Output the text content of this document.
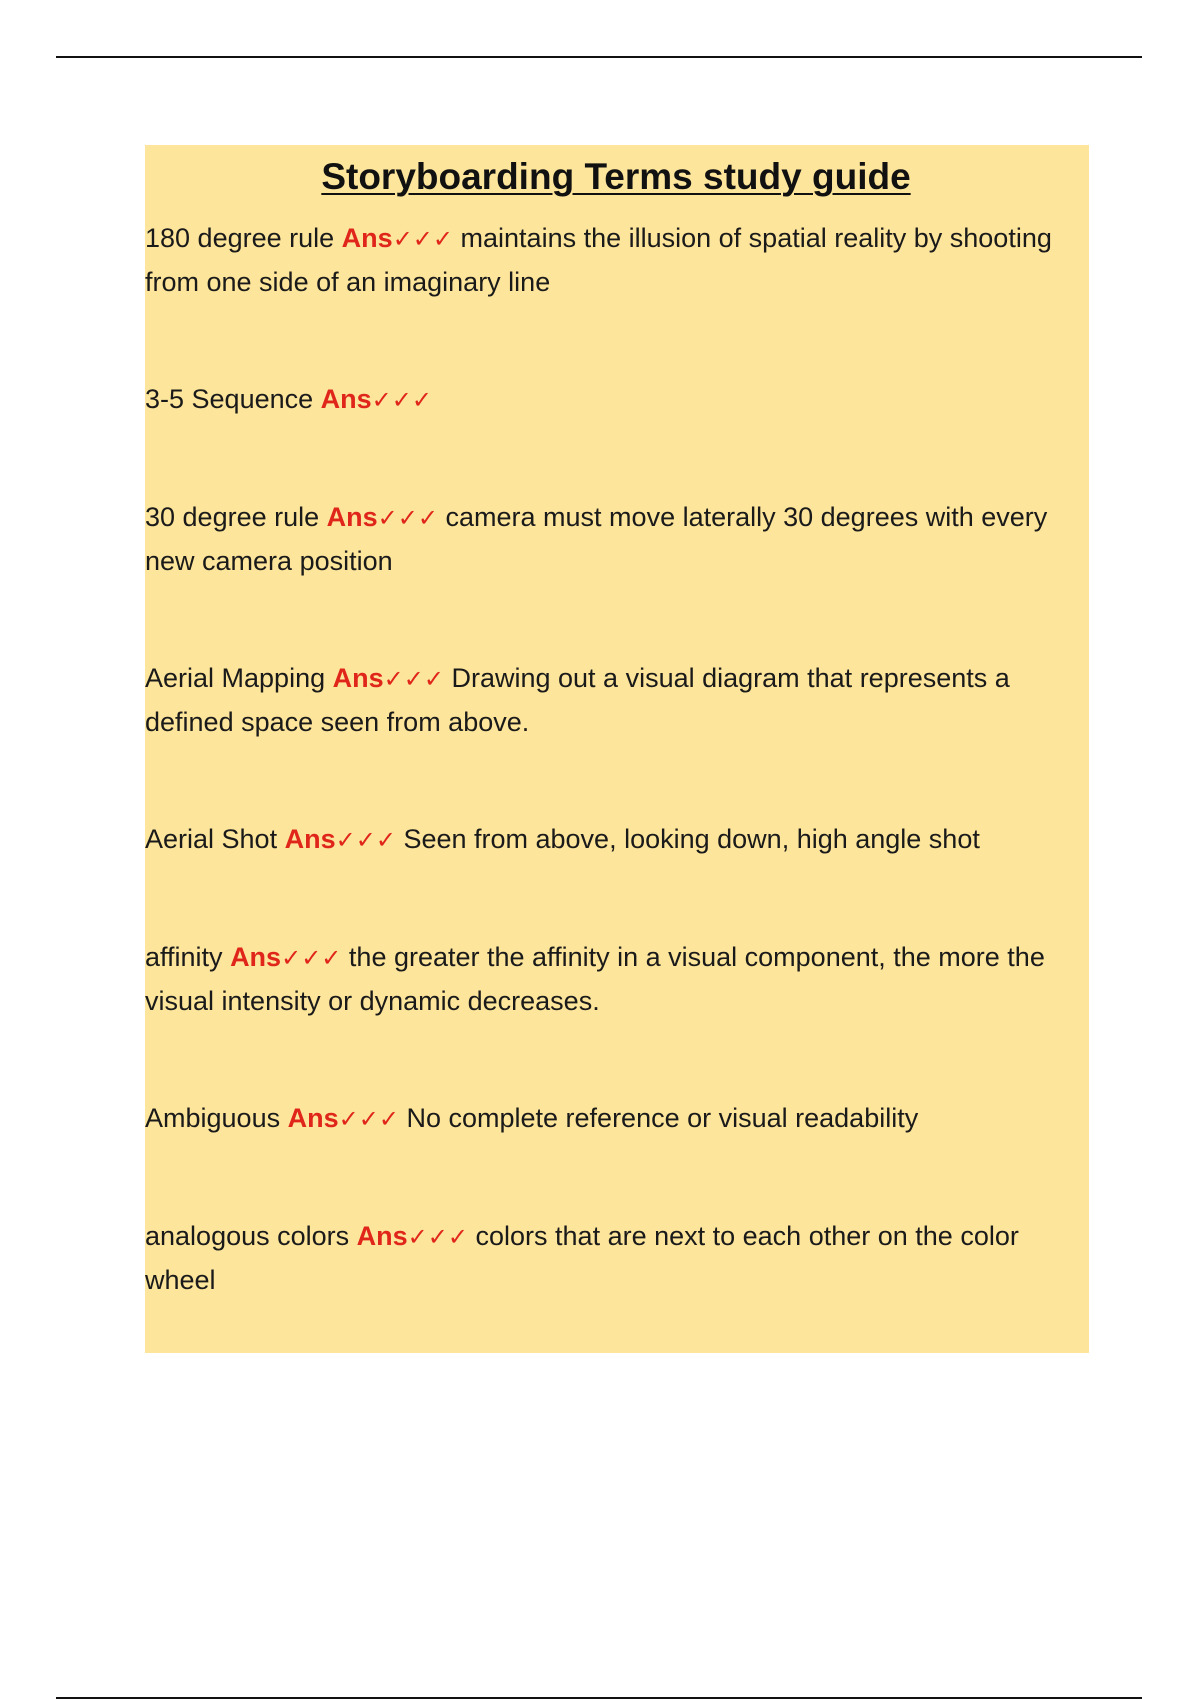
Storyboarding Terms study guide
180 degree rule Ans✓✓✓ maintains the illusion of spatial reality by shooting from one side of an imaginary line
3-5 Sequence Ans✓✓✓
30 degree rule Ans✓✓✓ camera must move laterally 30 degrees with every new camera position
Aerial Mapping Ans✓✓✓ Drawing out a visual diagram that represents a defined space seen from above.
Aerial Shot Ans✓✓✓ Seen from above, looking down, high angle shot
affinity Ans✓✓✓ the greater the affinity in a visual component, the more the visual intensity or dynamic decreases.
Ambiguous Ans✓✓✓ No complete reference or visual readability
analogous colors Ans✓✓✓ colors that are next to each other on the color wheel
